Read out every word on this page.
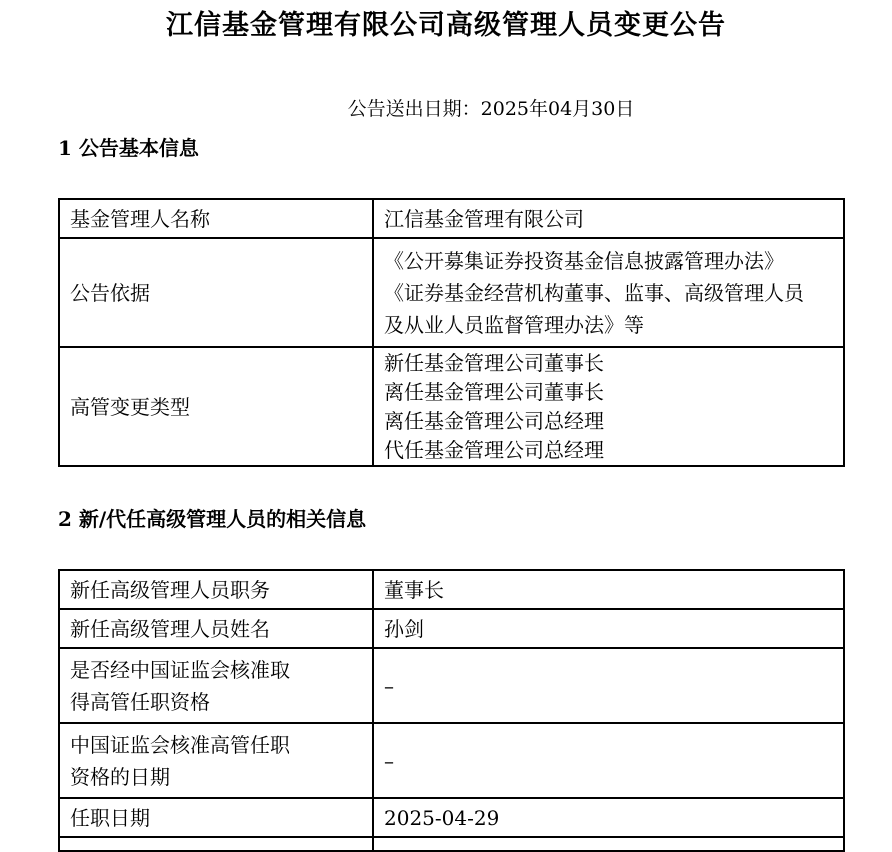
江信基金管理有限公司高级管理人员变更公告
公告送出日期：2025年04月30日
1 公告基本信息
基金管理人名称	江信基金管理有限公司
公告依据	《公开募集证券投资基金信息披露管理办法》
《证券基金经营机构董事、监事、高级管理人员
及从业人员监督管理办法》等

高管变更类型	新任基金管理公司董事长
离任基金管理公司董事长
离任基金管理公司总经理
代任基金管理公司总经理
2 新/代任高级管理人员的相关信息
新任高级管理人员职务	董事长
新任高级管理人员姓名	孙剑

是否经中国证监会核准取
得高管任职资格	–

中国证监会核准高管任职
资格的日期	–
任职日期	2025-04-29
